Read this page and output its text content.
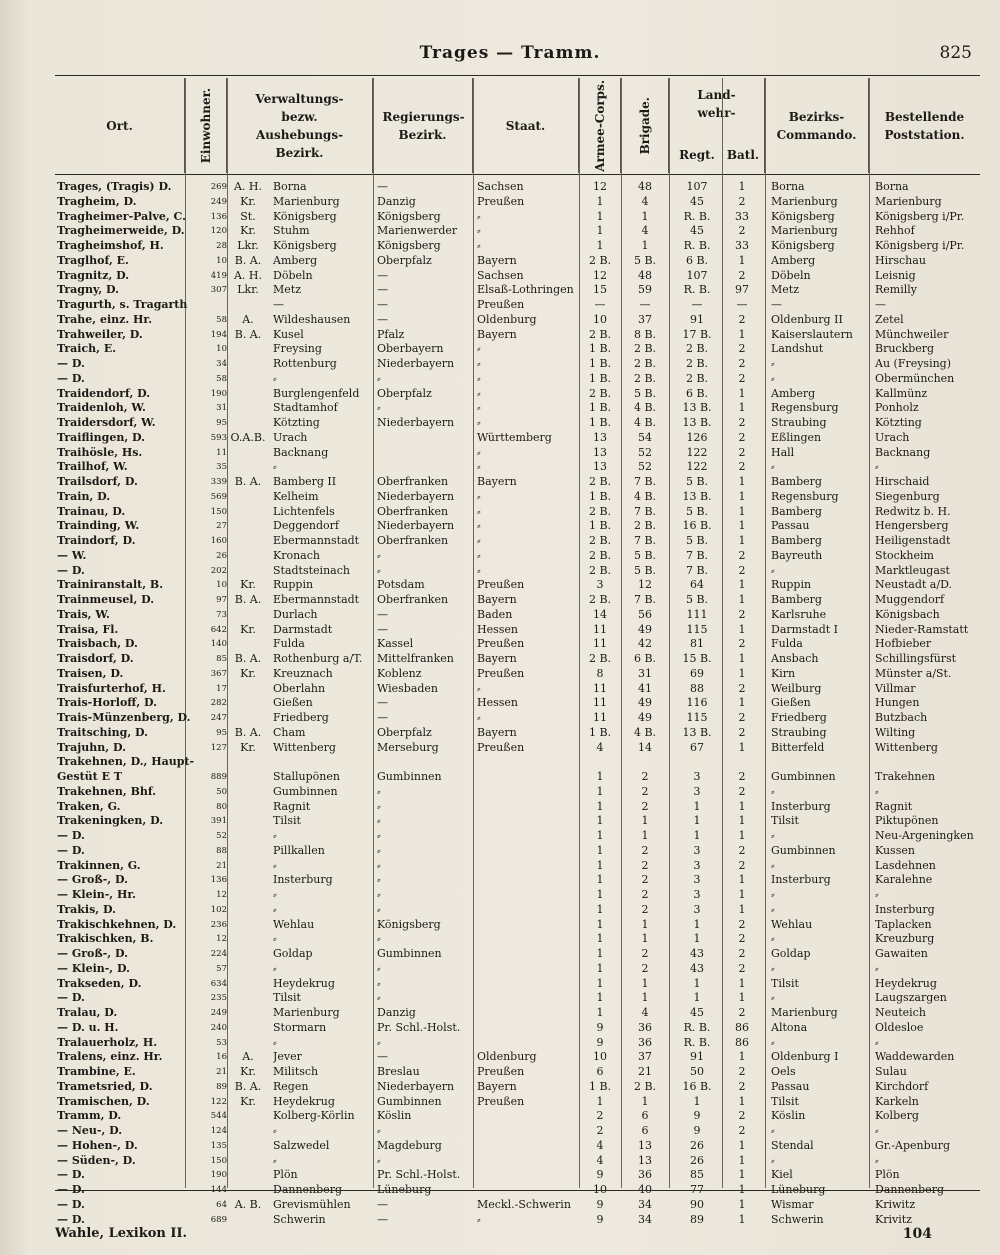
Trages — Tramm.	825
Ort.	Einwohner.	Verwaltungs- bezw. Aushebungs- Bezirk.
Regierungs- Bezirk.
Staat.	Armee-Corps.	Brigade.
Land- wehr-	Bezirks- Commando.
Bestellende Poststation.
Regt.	Batl.
Trages, (Tragis) D.	269 A. H. Borna	—	Sachsen	12	48	107	1	Borna	Borna
Tragheim, D.	249	Kr.	Marienburg	Danzig	Preußen	1	4	45	2	Marienburg	Marienburg
Tragheimer-Palve, C.	136	St.	Königsberg	Königsberg	⸗	1	1	R. B.	33	Königsberg	Königsberg i/Pr.
Tragheimerweide, D.	120	Kr.	Stuhm	Marienwerder	⸗	1	4	45	2	Marienburg	Rehhof
Tragheimshof, H.	28 Lkr.	Königsberg	Königsberg	⸗	1	1	R. B.	33	Königsberg	Königsberg i/Pr.
Traglhof, E.	10 B. A.	Amberg	Oberpfalz	Bayern	2 B.	5 B.	6 B.	1	Amberg	Hirschau
Tragnitz, D.	419 A. H. Döbeln	—	Sachsen	12	48	107	2	Döbeln	Leisnig
Tragny, D.	307 Lkr.	Metz	—	Elsaß-Lothringen	15	59	R. B.	97	Metz	Remilly
Tragurth, s. Tragarth	—	—	Preußen	—	—	—	—	—	—
Trahe, einz. Hr.	58	A.	Wildeshausen	—	Oldenburg	10	37	91	2	Oldenburg II	Zetel
Trahweiler, D.	194 B. A.	Kusel	Pfalz	Bayern	2 B.	8 B.	17 B.	1	Kaiserslautern	Münchweiler
Traich, E.	10	Freysing	Oberbayern	⸗	1 B.	2 B.	2 B.	2	Landshut	Bruckberg
— D.	34	Rottenburg	Niederbayern	⸗	1 B.	2 B.	2 B.	2	⸗	Au (Freysing)
— D.	58	⸗	⸗	⸗	1 B.	2 B.	2 B.	2	⸗	Obermünchen
Traidendorf, D.	190	Burglengenfeld	Oberpfalz	⸗	2 B.	5 B.	6 B.	1	Amberg	Kallmünz
Traidenloh, W.	31	Stadtamhof	⸗	⸗	1 B.	4 B.	13 B.	1	Regensburg	Ponholz
Traidersdorf, W.	95	Kötzting	Niederbayern	⸗	1 B.	4 B.	13 B.	2	Straubing	Kötzting
Traiflingen, D.	593 O.A.B. Urach	Württemberg	13	54	126	2	Eßlingen	Urach
Traihösle, Hs.	11	Backnang	⸗	13	52	122	2	Hall	Backnang
Trailhof, W.	35	⸗	⸗	13	52	122	2	⸗	⸗
Trailsdorf, D.	339 B. A.	Bamberg II	Oberfranken	Bayern	2 B.	7 B.	5 B.	1	Bamberg	Hirschaid
Train, D.	569	Kelheim	Niederbayern	⸗	1 B.	4 B.	13 B.	1	Regensburg	Siegenburg
Trainau, D.	150	Lichtenfels	Oberfranken	⸗	2 B.	7 B.	5 B.	1	Bamberg	Redwitz b. H.
Trainding, W.	27	Deggendorf	Niederbayern	⸗	1 B.	2 B.	16 B.	1	Passau	Hengersberg
Traindorf, D.	160	Ebermannstadt	Oberfranken	⸗	2 B.	7 B.	5 B.	1	Bamberg	Heiligenstadt
— W.	26	Kronach	⸗	⸗	2 B.	5 B.	7 B.	2	Bayreuth	Stockheim
— D.	202	Stadtsteinach	⸗	⸗	2 B.	5 B.	7 B.	2	⸗	Marktleugast
Trainiranstalt, B.	10	Kr.	Ruppin	Potsdam	Preußen	3	12	64	1	Ruppin	Neustadt a/D.
Trainmeusel, D.	97 B. A.	Ebermannstadt	Oberfranken	Bayern	2 B.	7 B.	5 B.	1	Bamberg	Muggendorf
Trais, W.	73	Durlach	—	Baden	14	56	111	2	Karlsruhe	Königsbach
Traisa, Fl.	642	Kr.	Darmstadt	—	Hessen	11	49	115	1	Darmstadt I	Nieder-Ramstatt
Traisbach, D.	140	Fulda	Kassel	Preußen	11	42	81	2	Fulda	Hofbieber
Traisdorf, D.	85 B. A.	Rothenburg a/T.	Mittelfranken	Bayern	2 B.	6 B.	15 B.	1	Ansbach	Schillingsfürst
Traisen, D.	367	Kr.	Kreuznach	Koblenz	Preußen	8	31	69	1	Kirn	Münster a/St.
Traisfurterhof, H.	17	Oberlahn	Wiesbaden	⸗	11	41	88	2	Weilburg	Villmar
Trais-Horloff, D.	282	Gießen	—	Hessen	11	49	116	1	Gießen	Hungen
Trais-Münzenberg, D.	247	Friedberg	—	⸗	11	49	115	2	Friedberg	Butzbach
Traitsching, D.	95 B. A.	Cham	Oberpfalz	Bayern	1 B.	4 B.	13 B.	2	Straubing	Wilting
Trajuhn, D.	127	Kr.	Wittenberg	Merseburg	Preußen	4	14	67	1	Bitterfeld	Wittenberg
Trakehnen, D., Haupt-
Gestüt E T	889	Stallupönen	Gumbinnen	1	2	3	2	Gumbinnen	Trakehnen
Trakehnen, Bhf.	50	Gumbinnen	⸗	1	2	3	2	⸗	⸗
Traken, G.	80	Ragnit	⸗	1	2	1	1	Insterburg	Ragnit
Trakeningken, D.	391	Tilsit	⸗	1	1	1	1	Tilsit	Piktupönen
— D.	52	⸗	⸗	1	1	1	1	⸗	Neu-Argeningken
— D.	88	Pillkallen	⸗	1	2	3	2	Gumbinnen	Kussen
Trakinnen, G.	21	⸗	⸗	1	2	3	2	⸗	Lasdehnen
— Groß-, D.	136	Insterburg	⸗	1	2	3	1	Insterburg	Karalehne
— Klein-, Hr.	12	⸗	⸗	1	2	3	1	⸗	⸗
Trakis, D.	102	⸗	⸗	1	2	3	1	⸗	Insterburg
Trakischkehnen, D.	236	Wehlau	Königsberg	1	1	1	2	Wehlau	Taplacken
Trakischken, B.	12	⸗	⸗	1	1	1	2	⸗	Kreuzburg
— Groß-, D.	224	Goldap	Gumbinnen	1	2	43	2	Goldap	Gawaiten
— Klein-, D.	57	⸗	⸗	1	2	43	2	⸗	⸗
Trakseden, D.	634	Heydekrug	⸗	1	1	1	1	Tilsit	Heydekrug
— D.	235	Tilsit	⸗	1	1	1	1	⸗	Laugszargen
Tralau, D.	249	Marienburg	Danzig	1	4	45	2	Marienburg	Neuteich
— D. u. H.	240	Stormarn	Pr. Schl.-Holst.	9	36	R. B.	86	Altona	Oldesloe
Tralauerholz, H.	53	⸗	⸗	9	36	R. B.	86	⸗	⸗
Tralens, einz. Hr.	16	A.	Jever	—	Oldenburg	10	37	91	1	Oldenburg I	Waddewarden
Trambine, E.	21	Kr.	Militsch	Breslau	Preußen	6	21	50	2	Oels	Sulau
Trametsried, D.	89 B. A.	Regen	Niederbayern	Bayern	1 B.	2 B.	16 B.	2	Passau	Kirchdorf
Tramischen, D.	122	Kr.	Heydekrug	Gumbinnen	Preußen	1	1	1	1	Tilsit	Karkeln
Tramm, D.	544	Kolberg-Körlin	Köslin	2	6	9	2	Köslin	Kolberg
— Neu-, D.	124	⸗	⸗	2	6	9	2	⸗	⸗
— Hohen-, D.	135	Salzwedel	Magdeburg	4	13	26	1	Stendal	Gr.-Apenburg
— Süden-, D.	150	⸗	⸗	4	13	26	1	⸗	⸗
— D.	190	Plön	Pr. Schl.-Holst.	9	36	85	1	Kiel	Plön
— D.	144	Dannenberg	Lüneburg	10	40	77	1	Lüneburg	Dannenberg
— D.	64 A. B.	Grevismühlen	—	Meckl.-Schwerin	9	34	90	1	Wismar	Kriwitz
— D.	689	Schwerin	—	⸗	9	34	89	1	Schwerin	Krivitz
Wahle, Lexikon II.	104
